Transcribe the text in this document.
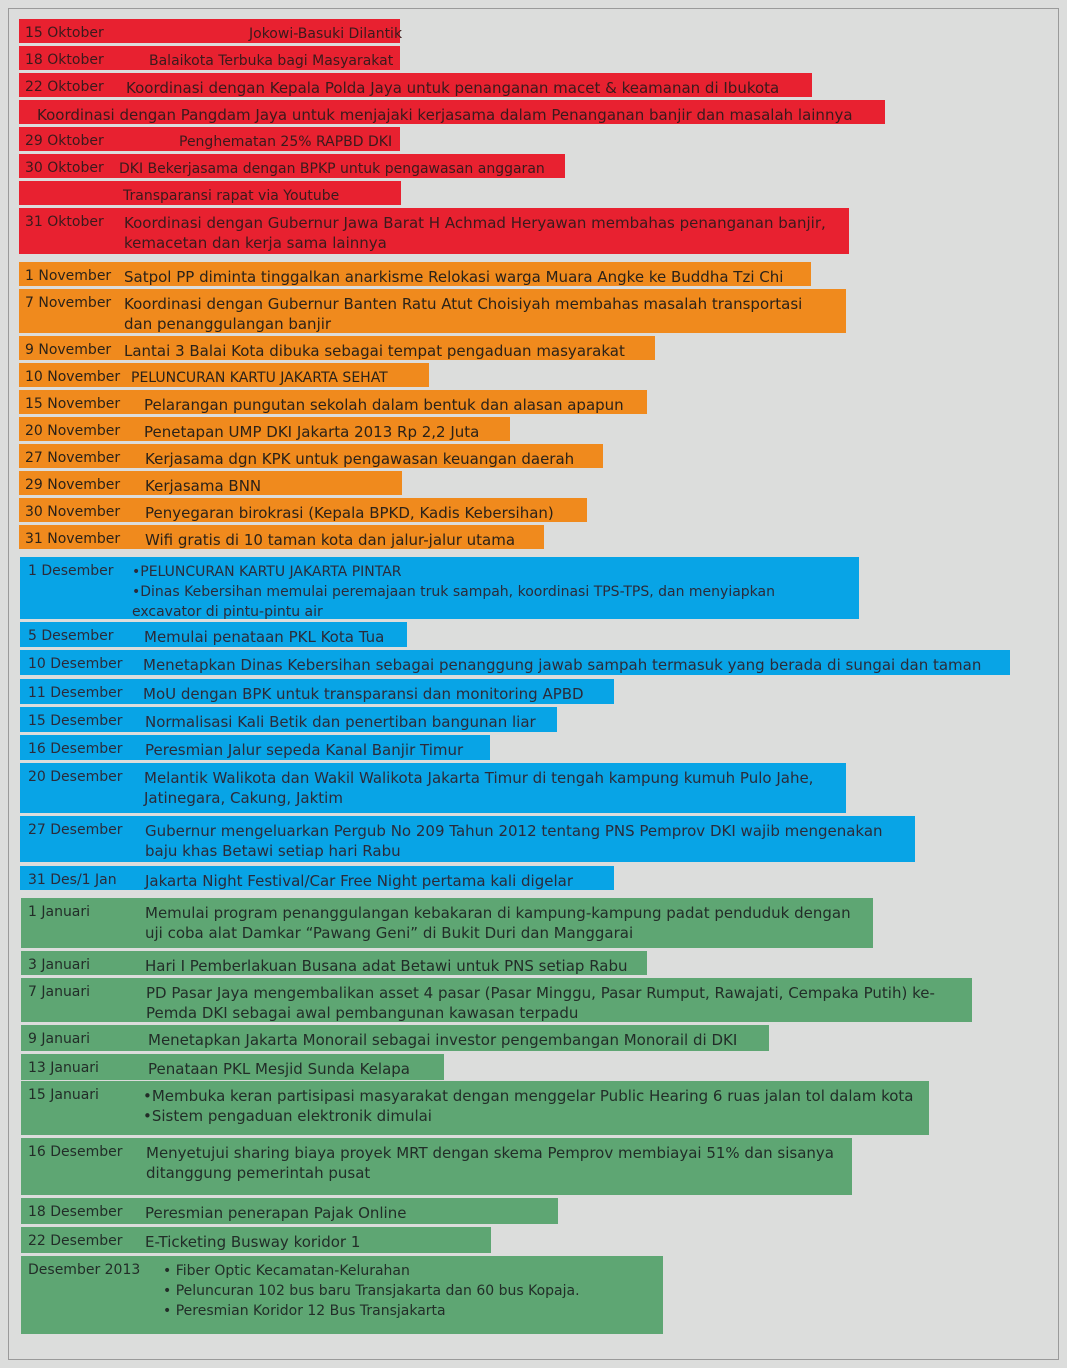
15 Oktober	Jokowi-Basuki Dilantik
18 Oktober	Balaikota Terbuka bagi Masyarakat
22 Oktober Koordinasi dengan Kepala Polda Jaya untuk penanganan macet & keamanan di Ibukota
Koordinasi dengan Pangdam Jaya untuk menjajaki kerjasama dalam Penanganan banjir dan masalah lainnya
29 Oktober	Penghematan 25% RAPBD DKI
30 Oktober DKI Bekerjasama dengan BPKP untuk pengawasan anggaran
Transparansi rapat via Youtube
31 Oktober Koordinasi dengan Gubernur Jawa Barat H Achmad Heryawan membahas penanganan banjir,
kemacetan dan kerja sama lainnya
1 November Satpol PP diminta tinggalkan anarkisme Relokasi warga Muara Angke ke Buddha Tzi Chi
7 November Koordinasi dengan Gubernur Banten Ratu Atut Choisiyah membahas masalah transportasi
dan penanggulangan banjir
9 November Lantai 3 Balai Kota dibuka sebagai tempat pengaduan masyarakat
10 November PELUNCURAN KARTU JAKARTA SEHAT
15 November Pelarangan pungutan sekolah dalam bentuk dan alasan apapun
20 November Penetapan UMP DKI Jakarta 2013 Rp 2,2 Juta
27 November Kerjasama dgn KPK untuk pengawasan keuangan daerah
29 November Kerjasama BNN
30 November Penyegaran birokrasi (Kepala BPKD, Kadis Kebersihan)
31 November Wifi gratis di 10 taman kota dan jalur-jalur utama
1 Desember •PELUNCURAN KARTU JAKARTA PINTAR
•Dinas Kebersihan memulai peremajaan truk sampah, koordinasi TPS-TPS, dan menyiapkan
excavator di pintu-pintu air
5 Desember Memulai penataan PKL Kota Tua
10 Desember Menetapkan Dinas Kebersihan sebagai penanggung jawab sampah termasuk yang berada di sungai dan taman
11 Desember MoU dengan BPK untuk transparansi dan monitoring APBD
15 Desember Normalisasi Kali Betik dan penertiban bangunan liar
16 Desember Peresmian Jalur sepeda Kanal Banjir Timur
20 Desember Melantik Walikota dan Wakil Walikota Jakarta Timur di tengah kampung kumuh Pulo Jahe,
Jatinegara, Cakung, Jaktim
27 Desember Gubernur mengeluarkan Pergub No 209 Tahun 2012 tentang PNS Pemprov DKI wajib mengenakan
baju khas Betawi setiap hari Rabu
31 Des/1 Jan Jakarta Night Festival/Car Free Night pertama kali digelar
1 Januari	Memulai program penanggulangan kebakaran di kampung-kampung padat penduduk dengan
uji coba alat Damkar “Pawang Geni” di Bukit Duri dan Manggarai
3 Januari	Hari I Pemberlakuan Busana adat Betawi untuk PNS setiap Rabu
7 Januari	PD Pasar Jaya mengembalikan asset 4 pasar (Pasar Minggu, Pasar Rumput, Rawajati, Cempaka Putih) ke-
Pemda DKI sebagai awal pembangunan kawasan terpadu
9 Januari	Menetapkan Jakarta Monorail sebagai investor pengembangan Monorail di DKI
13 Januari	Penataan PKL Mesjid Sunda Kelapa
15 Januari	•Membuka keran partisipasi masyarakat dengan menggelar Public Hearing 6 ruas jalan tol dalam kota
•Sistem pengaduan elektronik dimulai
16 Desember Menyetujui sharing biaya proyek MRT dengan skema Pemprov membiayai 51% dan sisanya
ditanggung pemerintah pusat
18 Desember Peresmian penerapan Pajak Online
22 Desember E-Ticketing Busway koridor 1
Desember 2013 • Fiber Optic Kecamatan-Kelurahan
• Peluncuran 102 bus baru Transjakarta dan 60 bus Kopaja.
• Peresmian Koridor 12 Bus Transjakarta
